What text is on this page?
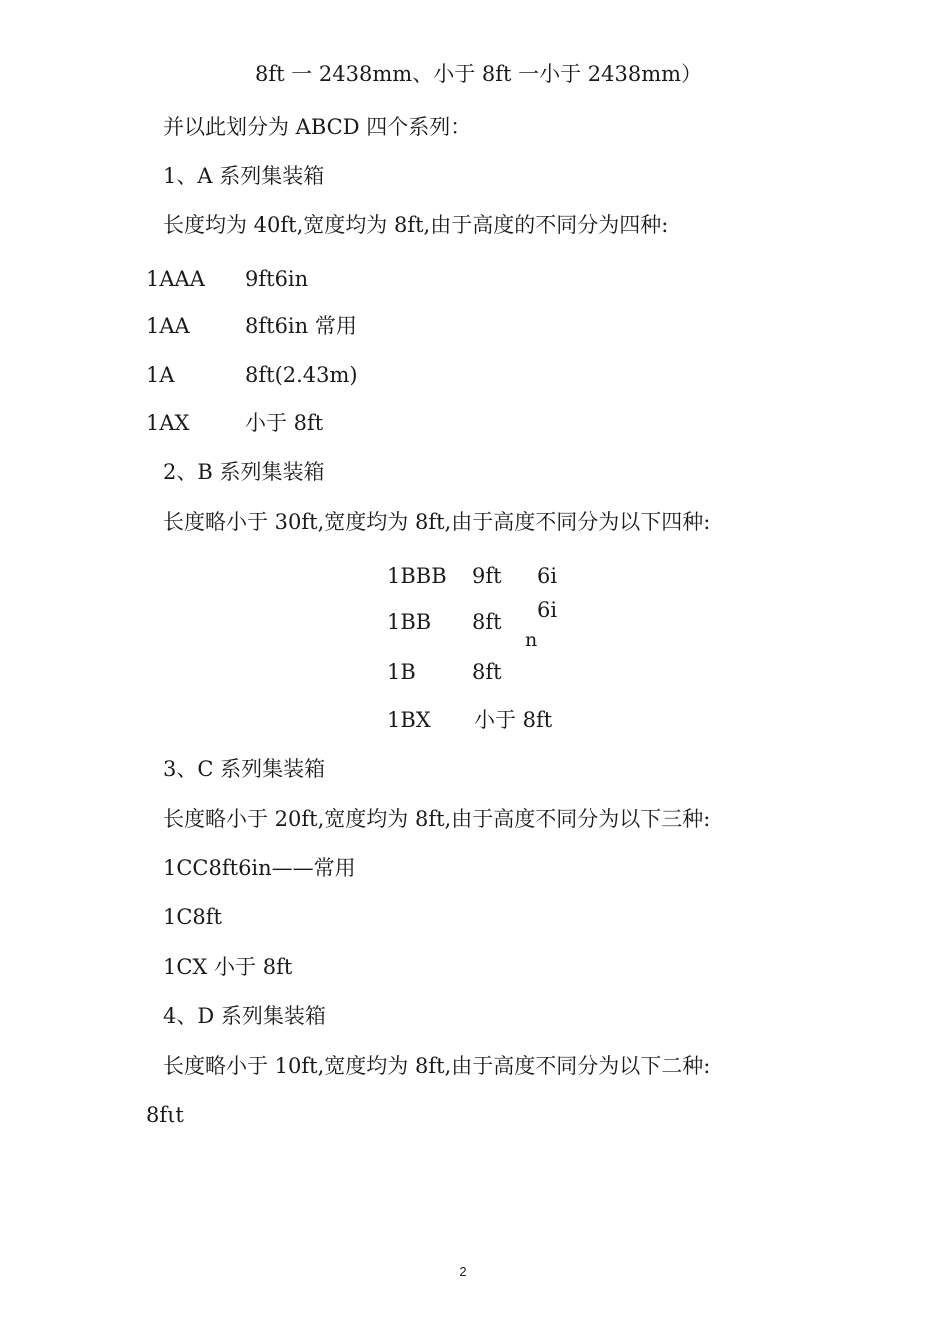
8ft 一 2438mm、小于 8ft 一小于 2438mm）
并以此划分为 ABCD 四个系列：
1、A 系列集装箱
长度均为 40ft,宽度均为 8ft,由于高度的不同分为四种:
1AAA 9ft6in
1AA	8ft6in 常用
1A	8ft(2.43m)
1AX	小于 8ft
2、B 系列集装箱
长度略小于 30ft,宽度均为 8ft,由于高度不同分为以下四种:
1BBB 9ft 6i
1BB 8ft 6i
n
1B	8ft
1BX 小于 8ft
3、C 系列集装箱
长度略小于 20ft,宽度均为 8ft,由于高度不同分为以下三种:
1CC8ft6in——常用
1C8ft
1CX 小于 8ft
4、D 系列集装箱
长度略小于 10ft,宽度均为 8ft,由于高度不同分为以下二种:
8fιt
2
